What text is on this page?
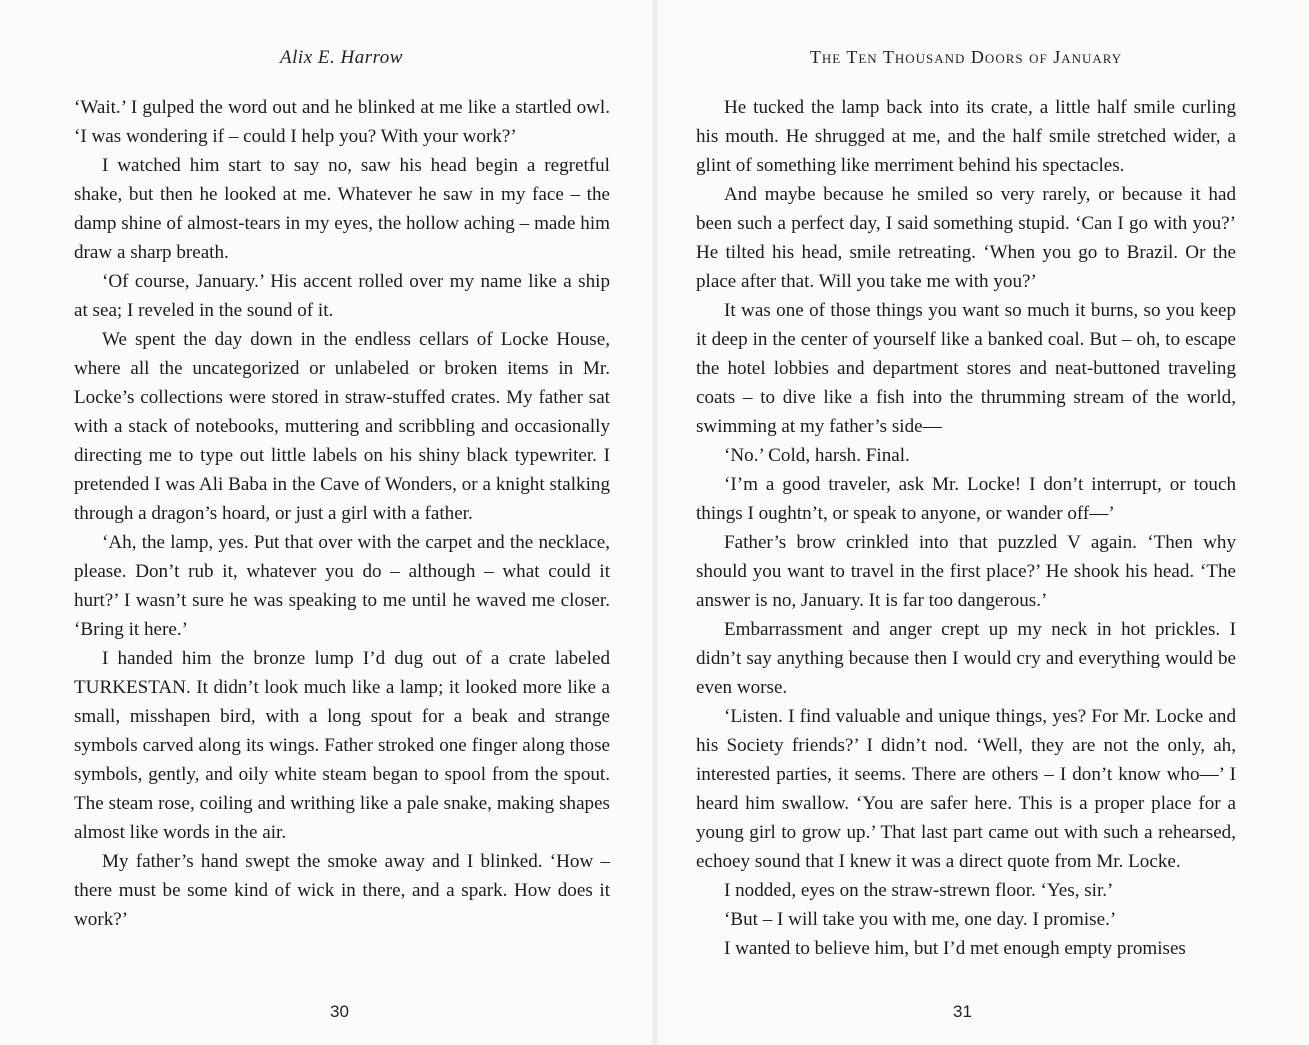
Alix E. Harrow

‘Wait.’ I gulped the word out and he blinked at me like a startled owl. ‘I was wondering if – could I help you? With your work?’

I watched him start to say no, saw his head begin a regretful shake, but then he looked at me. Whatever he saw in my face – the damp shine of almost-tears in my eyes, the hollow aching – made him draw a sharp breath.

‘Of course, January.’ His accent rolled over my name like a ship at sea; I reveled in the sound of it.

We spent the day down in the endless cellars of Locke House, where all the uncategorized or unlabeled or broken items in Mr. Locke’s collections were stored in straw-stuffed crates. My father sat with a stack of notebooks, muttering and scribbling and occasionally directing me to type out little labels on his shiny black typewriter. I pretended I was Ali Baba in the Cave of Wonders, or a knight stalking through a dragon’s hoard, or just a girl with a father.

‘Ah, the lamp, yes. Put that over with the carpet and the necklace, please. Don’t rub it, whatever you do – although – what could it hurt?’ I wasn’t sure he was speaking to me until he waved me closer. ‘Bring it here.’

I handed him the bronze lump I’d dug out of a crate labeled TURKESTAN. It didn’t look much like a lamp; it looked more like a small, misshapen bird, with a long spout for a beak and strange symbols carved along its wings. Father stroked one finger along those symbols, gently, and oily white steam began to spool from the spout. The steam rose, coiling and writhing like a pale snake, making shapes almost like words in the air.

My father’s hand swept the smoke away and I blinked. ‘How – there must be some kind of wick in there, and a spark. How does it work?’

30
The Ten Thousand Doors of January

He tucked the lamp back into its crate, a little half smile curling his mouth. He shrugged at me, and the half smile stretched wider, a glint of something like merriment behind his spectacles.

And maybe because he smiled so very rarely, or because it had been such a perfect day, I said something stupid. ‘Can I go with you?’ He tilted his head, smile retreating. ‘When you go to Brazil. Or the place after that. Will you take me with you?’

It was one of those things you want so much it burns, so you keep it deep in the center of yourself like a banked coal. But – oh, to escape the hotel lobbies and department stores and neat-buttoned traveling coats – to dive like a fish into the thrumming stream of the world, swimming at my father’s side—

‘No.’ Cold, harsh. Final.

‘I’m a good traveler, ask Mr. Locke! I don’t interrupt, or touch things I oughtn’t, or speak to anyone, or wander off—’

Father’s brow crinkled into that puzzled V again. ‘Then why should you want to travel in the first place?’ He shook his head. ‘The answer is no, January. It is far too dangerous.’

Embarrassment and anger crept up my neck in hot prickles. I didn’t say anything because then I would cry and everything would be even worse.

‘Listen. I find valuable and unique things, yes? For Mr. Locke and his Society friends?’ I didn’t nod. ‘Well, they are not the only, ah, interested parties, it seems. There are others – I don’t know who—’ I heard him swallow. ‘You are safer here. This is a proper place for a young girl to grow up.’ That last part came out with such a rehearsed, echoey sound that I knew it was a direct quote from Mr. Locke.

I nodded, eyes on the straw-strewn floor. ‘Yes, sir.’

‘But – I will take you with me, one day. I promise.’

I wanted to believe him, but I’d met enough empty promises

31
